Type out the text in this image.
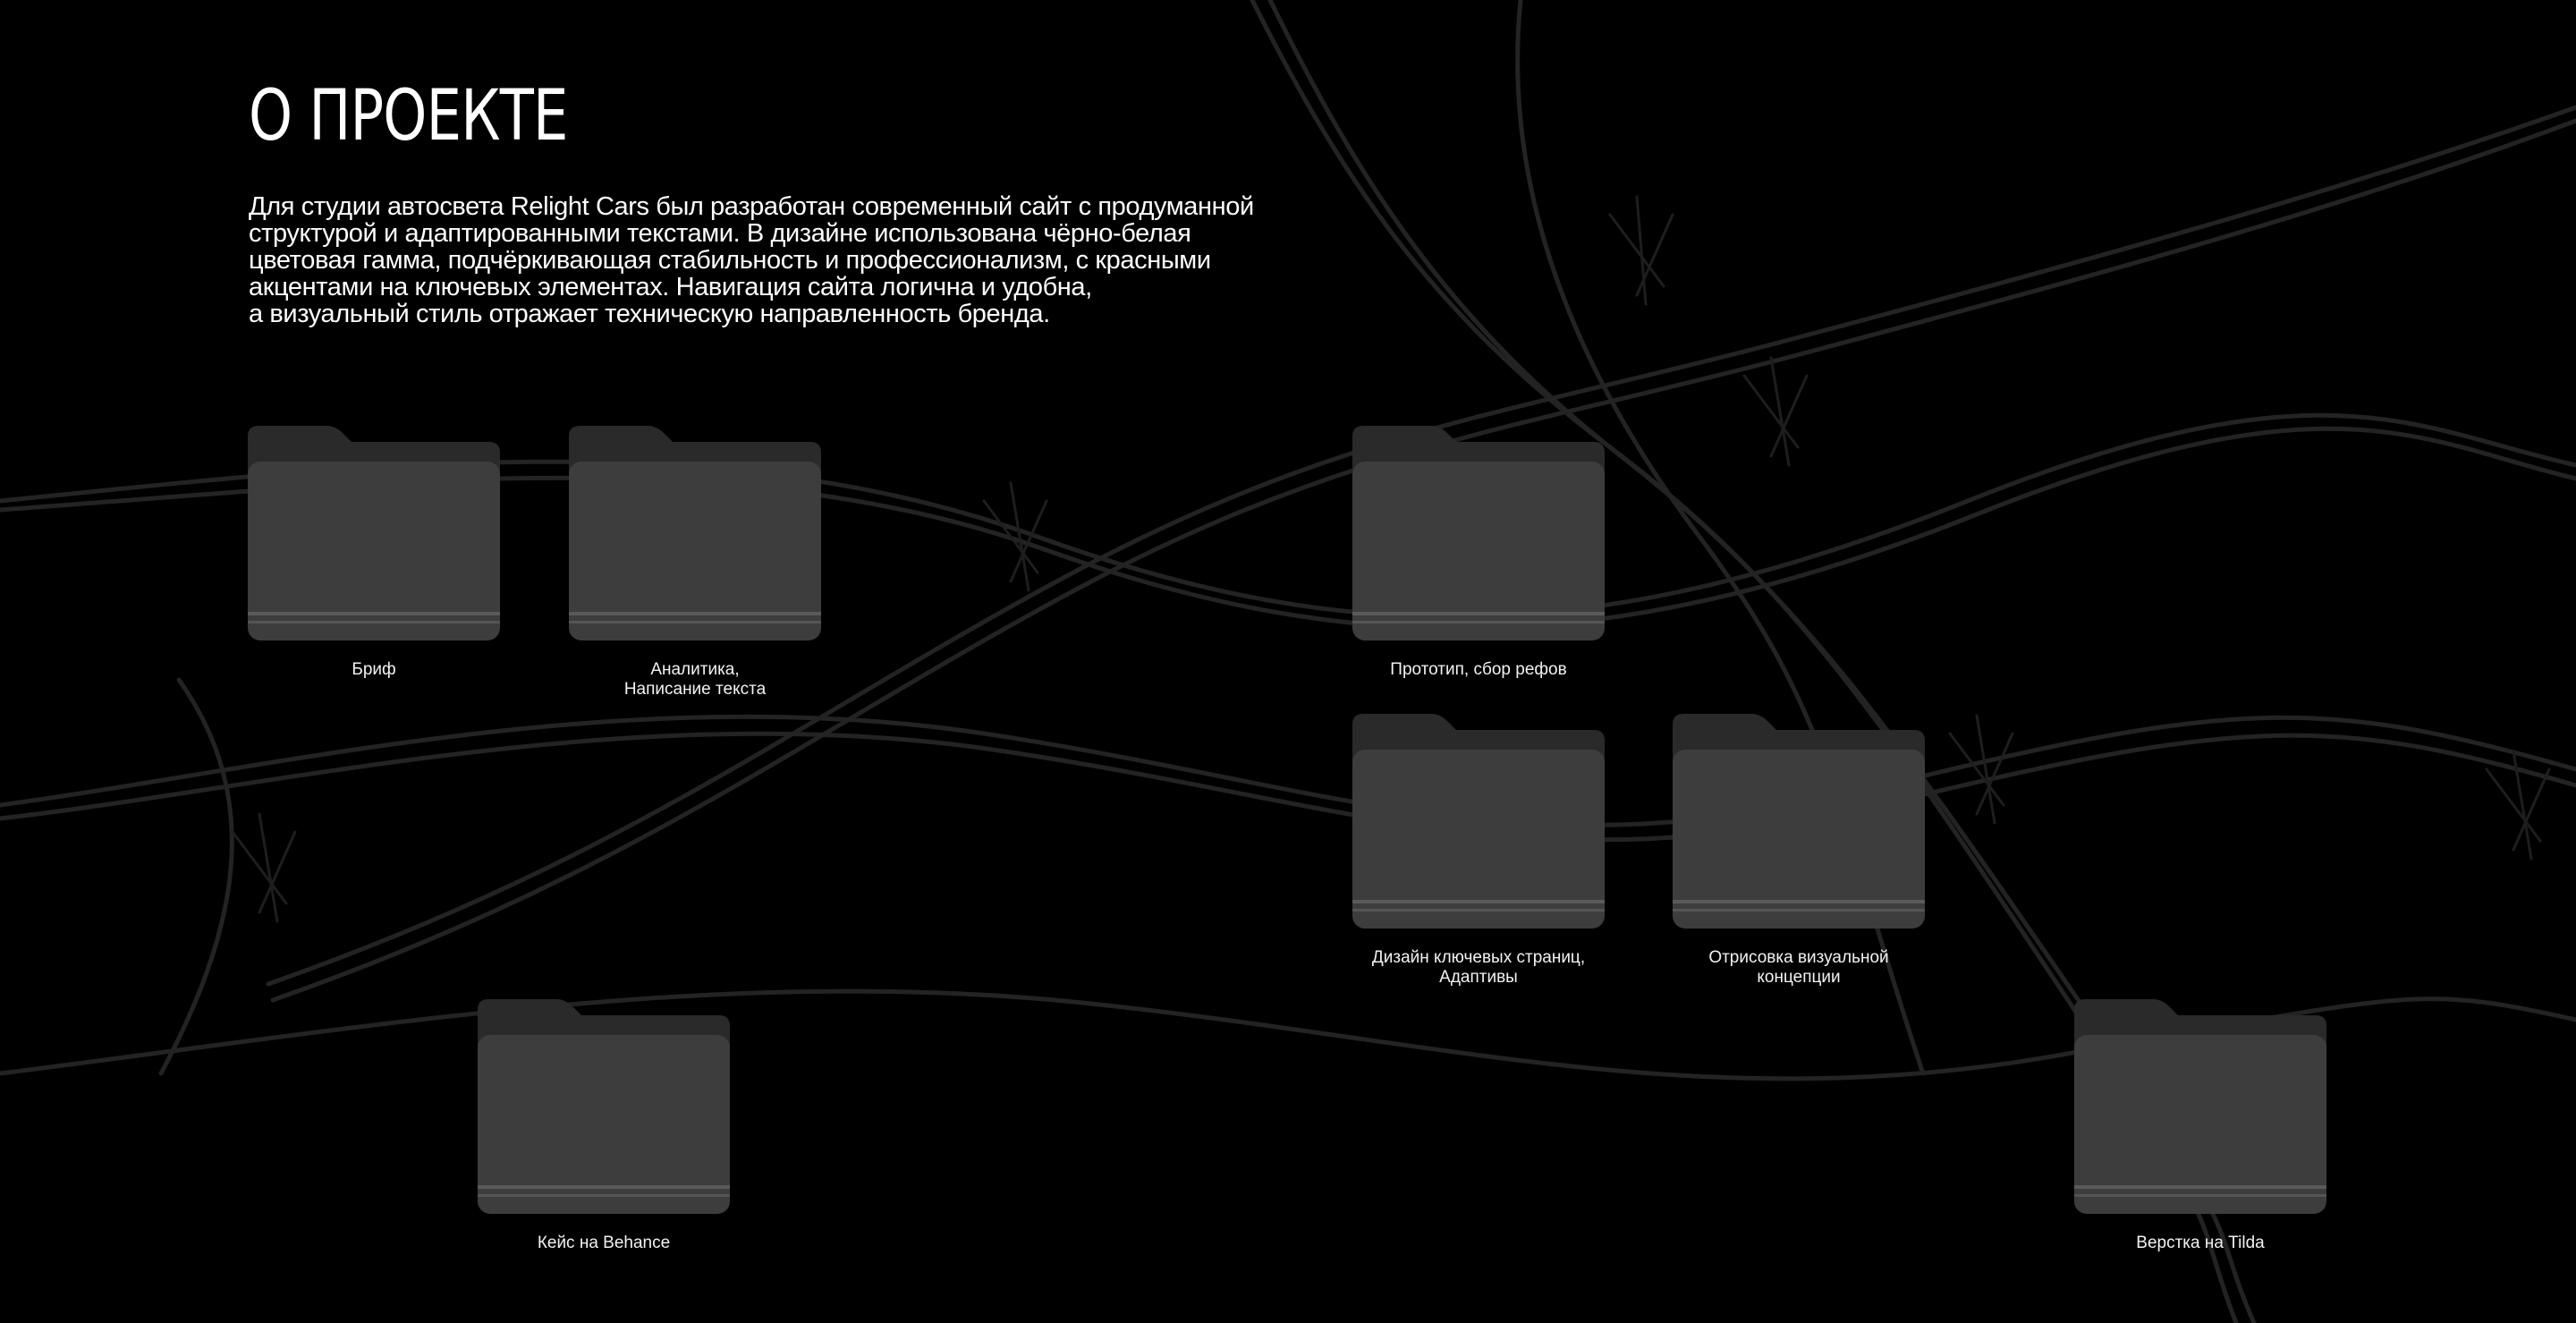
О ПРОЕКТЕ
Для студии автосвета Relight Cars был разработан современный сайт с продуманной
структурой и адаптированными текстами. В дизайне использована чёрно-белая
цветовая гамма, подчёркивающая стабильность и профессионализм, с красными
акцентами на ключевых элементах. Навигация сайта логична и удобна,
а визуальный стиль отражает техническую направленность бренда.
Бриф	Аналитика,
Написание текста
Прототип, сбор рефов
Дизайн ключевых страниц,
Адаптивы
Отрисовка визуальной
концепции
Кейс на Behance	Верстка на Tilda
